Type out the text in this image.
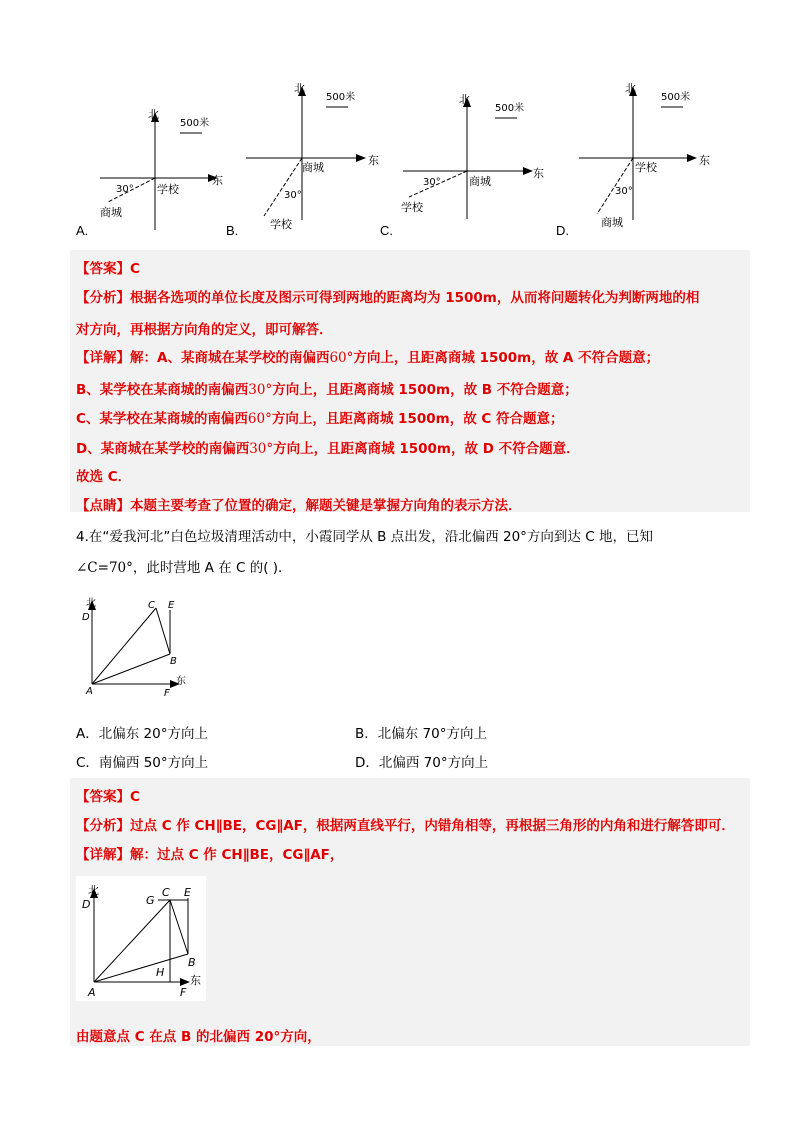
北
东
500米
30° 学校
商城
A.
北
东
500米
30°
商城
学校
B.
北
东
500米
30°	商城
学校
C.
北
东
500米
30°
学校
商城
D.
【答案】C
【分析】根据各选项的单位长度及图示可得到两地的距离均为 1500m，从而将问题转化为判断两地的相
对方向，再根据方向角的定义，即可解答．
【详解】解：A、某商城在某学校的南偏西60°方向上，且距离商城 1500m，故 A 不符合题意；
B、某学校在某商城的南偏西30°方向上，且距离商城 1500m，故 B 不符合题意；
C、某学校在某商城的南偏西60°方向上，且距离商城 1500m，故 C 符合题意；
D、某商城在某学校的南偏西30°方向上，且距离商城 1500m，故 D 不符合题意．
故选 C．
【点睛】本题主要考查了位置的确定，解题关键是掌握方向角的表示方法．
4.在“爱我河北”白色垃圾清理活动中，小霞同学从 B 点出发，沿北偏西 20°方向到达 C 地，已知
∠C=70°，此时营地 A 在 C 的( )．
北
东
C E
D
B
A	F
A．北偏东 20°方向上	B．北偏东 70°方向上
C．南偏西 50°方向上	D．北偏西 70°方向上
【答案】C
【分析】过点 C 作 CH∥BE，CG∥AF，根据两直线平行，内错角相等，再根据三角形的内角和进行解答即可．
【详解】解：过点 C 作 CH∥BE，CG∥AF，
北
东
G
C E
D
B
H
A	F
由题意点 C 在点 B 的北偏西 20°方向，
